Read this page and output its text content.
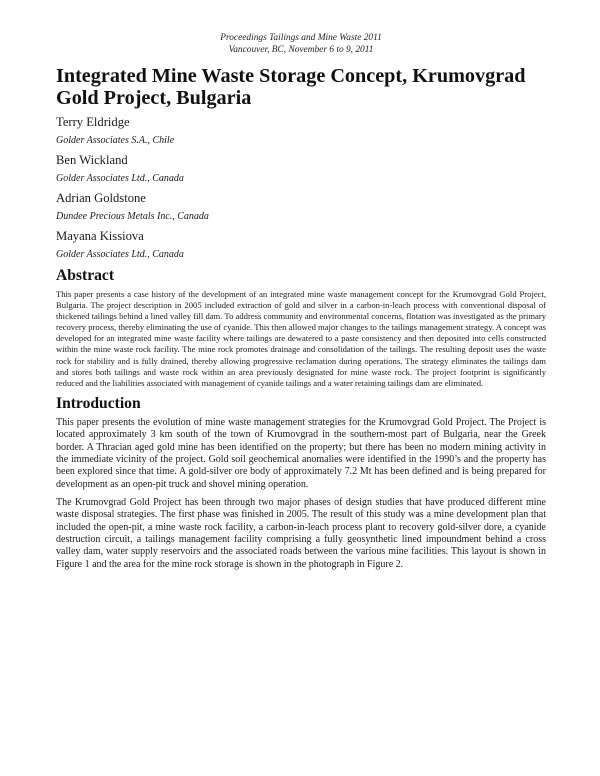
Proceedings Tailings and Mine Waste 2011
Vancouver, BC, November 6 to 9, 2011
Integrated Mine Waste Storage Concept, Krumovgrad Gold Project, Bulgaria
Terry Eldridge
Golder Associates S.A., Chile
Ben Wickland
Golder Associates Ltd., Canada
Adrian Goldstone
Dundee Precious Metals Inc., Canada
Mayana Kissiova
Golder Associates Ltd., Canada
Abstract

This paper presents a case history of the development of an integrated mine waste management concept for the Krumovgrad Gold Project, Bulgaria. The project description in 2005 included extraction of gold and silver in a carbon-in-leach process with conventional disposal of thickened tailings behind a lined valley fill dam. To address community and environmental concerns, flotation was investigated as the primary recovery process, thereby eliminating the use of cyanide. This then allowed major changes to the tailings management strategy. A concept was developed for an integrated mine waste facility where tailings are dewatered to a paste consistency and then deposited into cells constructed within the mine waste rock facility. The mine rock promotes drainage and consolidation of the tailings. The resulting deposit uses the waste rock for stability and is fully drained, thereby allowing progressive reclamation during operations. The strategy eliminates the tailings dam and stores both tailings and waste rock within an area previously designated for mine waste rock. The project footprint is significantly reduced and the liabilities associated with management of cyanide tailings and a water retaining tailings dam are eliminated.

Introduction

This paper presents the evolution of mine waste management strategies for the Krumovgrad Gold Project. The Project is located approximately 3 km south of the town of Krumovgrad in the southern-most part of Bulgaria, near the Greek border. A Thracian aged gold mine has been identified on the property; but there has been no modern mining activity in the immediate vicinity of the project. Gold soil geochemical anomalies were identified in the 1990’s and the property has been explored since that time. A gold-silver ore body of approximately 7.2 Mt has been defined and is being prepared for development as an open-pit truck and shovel mining operation.

The Krumovgrad Gold Project has been through two major phases of design studies that have produced different mine waste disposal strategies. The first phase was finished in 2005. The result of this study was a mine development plan that included the open-pit, a mine waste rock facility, a carbon-in-leach process plant to recovery gold-silver dore, a cyanide destruction circuit, a tailings management facility comprising a fully geosynthetic lined impoundment behind a cross valley dam, water supply reservoirs and the associated roads between the various mine facilities. This layout is shown in Figure 1 and the area for the mine rock storage is shown in the photograph in Figure 2.
